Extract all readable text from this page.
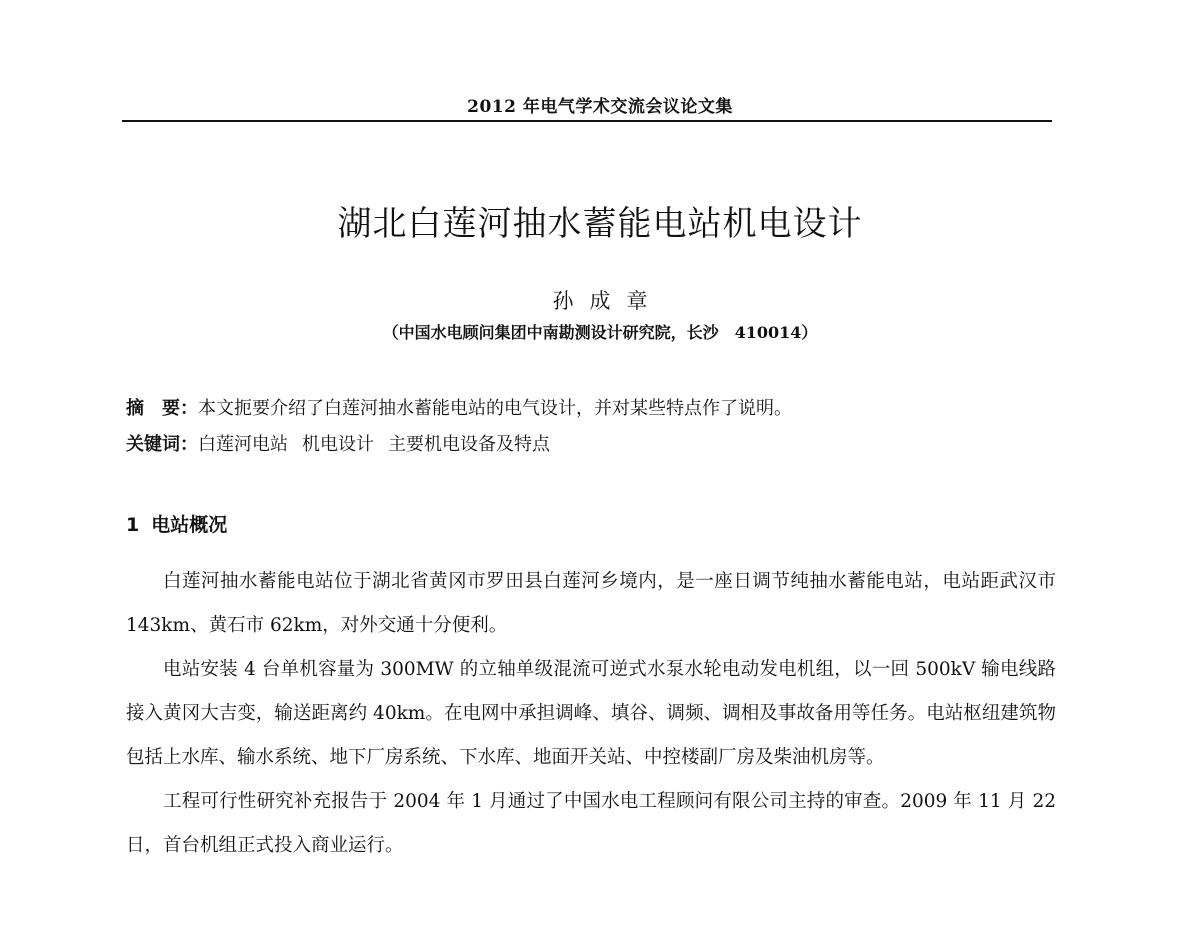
2012 年电气学术交流会议论文集
湖北白莲河抽水蓄能电站机电设计
孙成章
（中国水电顾问集团中南勘测设计研究院，长沙　410014）
摘　要：本文扼要介绍了白莲河抽水蓄能电站的电气设计，并对某些特点作了说明。
关键词：白莲河电站 机电设计 主要机电设备及特点
1 电站概况

白莲河抽水蓄能电站位于湖北省黄冈市罗田县白莲河乡境内，是一座日调节纯抽水蓄能电站，电站距武汉市 143km、黄石市 62km，对外交通十分便利。

电站安装 4 台单机容量为 300MW 的立轴单级混流可逆式水泵水轮电动发电机组，以一回 500kV 输电线路接入黄冈大吉变，输送距离约 40km。在电网中承担调峰、填谷、调频、调相及事故备用等任务。电站枢纽建筑物包括上水库、输水系统、地下厂房系统、下水库、地面开关站、中控楼副厂房及柴油机房等。

工程可行性研究补充报告于 2004 年 1 月通过了中国水电工程顾问有限公司主持的审查。2009 年 11 月 22 日，首台机组正式投入商业运行。
